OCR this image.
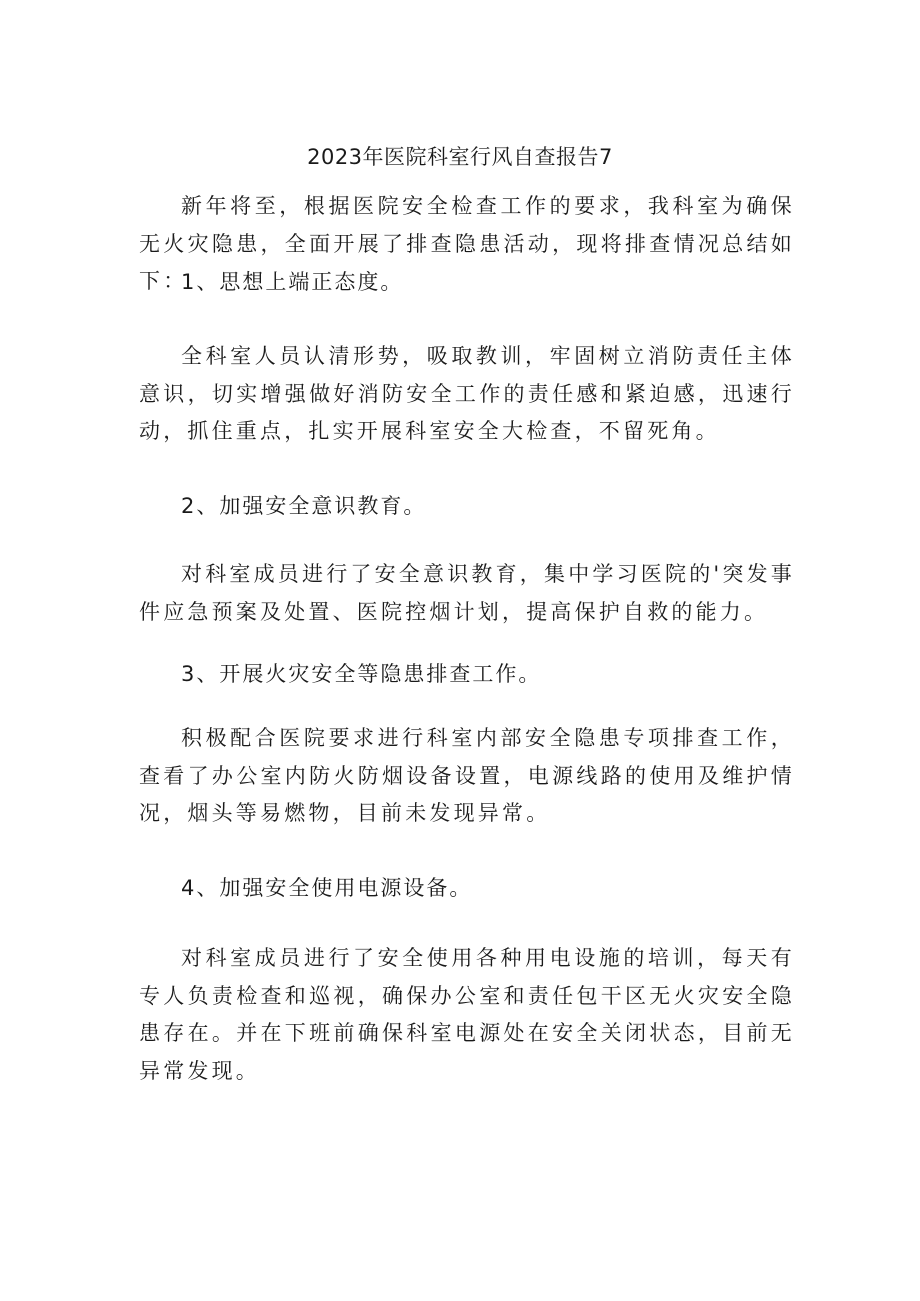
2023年医院科室行风自查报告7

新年将至，根据医院安全检查工作的要求，我科室为确保无火灾隐患，全面开展了排查隐患活动，现将排查情况总结如下：

1、思想上端正态度。

全科室人员认清形势，吸取教训，牢固树立消防责任主体意识，切实增强做好消防安全工作的责任感和紧迫感，迅速行动，抓住重点，扎实开展科室安全大检查，不留死角。

2、加强安全意识教育。

对科室成员进行了安全意识教育，集中学习医院的'突发事件应急预案及处置、医院控烟计划，提高保护自救的能力。

3、开展火灾安全等隐患排查工作。

积极配合医院要求进行科室内部安全隐患专项排查工作，查看了办公室内防火防烟设备设置，电源线路的使用及维护情况，烟头等易燃物，目前未发现异常。

4、加强安全使用电源设备。

对科室成员进行了安全使用各种用电设施的培训，每天有专人负责检查和巡视，确保办公室和责任包干区无火灾安全隐患存在。并在下班前确保科室电源处在安全关闭状态，目前无异常发现。
